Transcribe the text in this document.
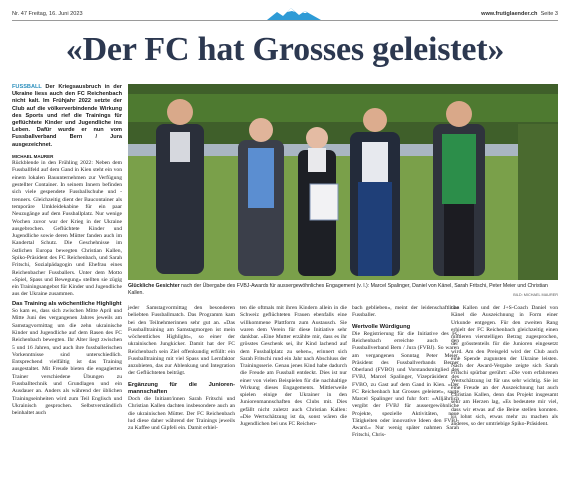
Nr. 47 Freitag, 16. Juni 2023	www.frutiglaender.ch Seite 3
«Der FC hat Grosses geleistet»

FUSSBALL Der Kriegsausbruch in der Ukraine liess auch den FC Reichenbach nicht kalt. Im Frühjahr 2022 setzte der Club auf die völkerverbindende Wirkung des Sports und rief die Trainings für geflüchtete Kinder und Jugendliche ins Leben. Dafür wurde er nun vom Fussballverband Bern / Jura ausgezeichnet.

MICHAEL MAURER

Rückblende in den Frühling 2022: Neben dem Fussballfeld auf dem Gand in Kien steht ein von einem lokalen Bauunternehmen zur Verfügung gestellter Container. In seinem Innern befinden sich viele gespendete Fussballschuhe und -trenners. Gleichzeitig dient der Baucontainer als temporäre Umkleidekabine für ein paar Neuzugänge auf dem Fussballplatz. Nur wenige Wochen zuvor war der Krieg in der Ukraine ausgebrochen. Geflüchtete Kinder und Jugendliche sowie deren Mütter fanden auch im Kandertal Schutz. Die Geschehnisse im östlichen Europa bewegten Christian Kallen, Spiko-Präsident des FC Reichenbach, und Sarah Fritschi, Sozialpädagogin und Ehefrau eines Reichenbacher Fussballers. Unter dem Motto «Spiel, Spass und Bewegung» stellten sie zügig ein Trainingsangebot für Kinder und Jugendliche aus der Ukraine zusammen.

Das Training als wöchentliche Highlight

So kam es, dass sich zwischen Mitte April und Mitte Juni des vergangenen Jahres jeweils am Samstagvormittag um die zehn ukrainische Kinder und Jugendliche auf dem Rasen des FC Reichenbach bewegten. Ihr Alter liegt zwischen 5 und 16 Jahren, und auch ihre fussballerischen Vorkenntnisse sind unterschiedlich. Entsprechend vielfältig ist das Training ausgestaltet. Mit Freude bieten die engagierten Trainer verschiedene Übungen zu Fussballtechnik und Grundlagen und ein Ausdauer an. Anders als während der üblichen Trainingseinheiten wird zum Teil Englisch und Ukrainisch gesprochen. Selbstverständlich beinhaltet auch

Glückliche Gesichter nach der Übergabe des FVBJ-Awards für aussergewöhnliches Engagement (v. l.): Marcel Spalinger, Daniel von Känel, Sarah Fritschi, Peter Meier und Christian Kallen.	BILD: MICHAEL MAURER

jeder Samstagvormittag den besonderen beliebten Fussballmatch. Das Programm kam bei den Teilnehmerinnen sehr gut an. «Das Fussballtraining am Samstagmorgen ist mein wöchentliches Highlight», so einer der ukrainischen Jungkicker. Damit hat der FC Reichenbach sein Ziel offenkundig erfüllt: ein Fussballtraining mit viel Spass und Lernfaktor anzubieten, das zur Ablenkung und Integration der Geflüchteten beiträgt.

Ergänzung für die Juniorenmannschaften

Doch die Initiant/innen Sarah Fritschi und Christian Kallen dachten insbesondere auch an die ukrainischen Mütter. Der FC Reichenbach lud diese daher während der Trainings jeweils zu Kaffee und Gipfeli ein. Damit erhiel-

ten die oftmals mit ihren Kindern allein in die Schweiz geflüchteten Frauen ebenfalls eine willkommene Plattform zum Austausch. Sie waren dem Verein für diese Initiative sehr dankbar. «Eine Mutter erzählte mir, dass es ihr grösstes Geschenk sei, ihr Kind lachend auf dem Fussballplatz zu sehen», erinnert sich Sarah Fritschi rund ein Jahr nach Abschluss der Trainingsserie. Genau jenes Kind habe dadurch die Freude am Fussball entdeckt. Dies ist nur einer von vielen Beispielen für die nachhaltige Wirkung dieses Engagements. Mittlerweile spielen einige der Ukrainer in den Juniorenmannschaften des Clubs mit. Dies gefällt nicht zuletzt auch Christian Kallen: «Die Wertschätzung ist da, sonst wären die Jugendlichen bei uns FC Reichen-

bach geblieben», meint der leidenschaftliche Fussballer.

Wertvolle Würdigung

Die Registrierung für die Initiative des FC Reichenbach erreichte auch den Fussballverband Bern / Jura (FVBJ). So waren am vergangenen Sonntag Peter Meier, Präsident des Fussballverbands Berner Oberland (FVBO) und Vorstandsmitglied des FVBJ, Marcel Spalinger, Vizepräsident des FVBO, zu Gast auf dem Gand in Kien. «Der FC Reichenbach hat Grosses geleistet», sagte Marcel Spalinger und fuhr fort: «Alljährlich vergibt der FVBJ für aussergewöhnliche Projekte, spezielle Aktivitäten, neue Tätigkeiten oder innovative Ideen den FVBJ-Award.» Nur wenig später nahmen Sarah Fritschi, Chris-

tian Kallen und der J+S-Coach Daniel von Känel die Auszeichnung in Form einer Urkunde entgegen. Für den zweiten Rang erhielt der FC Reichenbach gleichzeitig einen mittleren vierstelligen Betrag zugesprochen, der grösstenteils für die Junioren eingesetzt wird. Am den Preisgeld wird der Club auch eine Spende zugunsten der Ukraine leisten. Nach der Award-Vergabe zeigte sich Sarah Fritschi spürbar gerührt: «Die vom erfahrenen Wertschätzung ist für uns sehr wichtig. Sie ist eine Freude an der Auszeichnung hat auch Christian Kallen, denn das Projekt insgesamt sehr am Herzen lag, «Es bedeutete mir viel, dass wir etwas auf die Beine stellen konnten. Es lohnt sich, etwas mehr zu machen als anderes, so der umtriebige Spiko-Präsident.
